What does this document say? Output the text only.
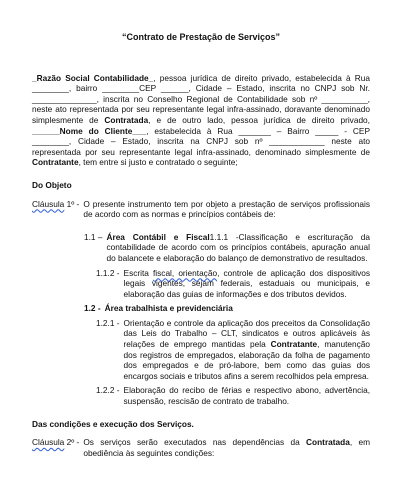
“Contrato de Prestação de Serviços”
_Razão Social Contabilidade_, pessoa jurídica de direito privado, estabelecida à Rua ________, bairro ________CEP ______, Cidade – Estado, inscrita no CNPJ sob Nr. ______________, inscrita no Conselho Regional de Contabilidade sob nº __________, neste ato representada por seu representante legal infra-assinado, doravante denominado simplesmente de Contratada, e de outro lado, pessoa jurídica de direito privado, ______Nome do Cliente___, estabelecida à Rua _______ – Bairro _____ - CEP ________, Cidade – Estado, inscrita na CNPJ sob nº ____________ neste ato representada por seu representante legal infra-assinado, denominado simplesmente de Contratante, tem entre si justo e contratado o seguinte;
Do Objeto
Cláusula 1º - O presente instrumento tem por objeto a prestação de serviços profissionais de acordo com as normas e princípios contábeis de:
1.1 – Área Contábil e Fiscal1.1.1 -Classificação e escrituração da contabilidade de acordo com os princípios contábeis, apuração anual do balancete e elaboração do balanço de demonstrativo de resultados.
1.1.2 - Escrita fiscal, orientação, controle de aplicação dos dispositivos legais vigentes, sejam federais, estaduais ou municipais, e elaboração das guias de informações e dos tributos devidos.
1.2 - Área trabalhista e previdenciária
1.2.1 - Orientação e controle da aplicação dos preceitos da Consolidação das Leis do Trabalho – CLT, sindicatos e outros aplicáveis às relações de emprego mantidas pela Contratante, manutenção dos registros de empregados, elaboração da folha de pagamento dos empregados e de pró-labore, bem como das guias dos encargos sociais e tributos afins a serem recolhidos pela empresa.
1.2.2 - Elaboração do recibo de férias e respectivo abono, advertência, suspensão, rescisão de contrato de trabalho.
Das condições e execução dos Serviços.
Cláusula 2º - Os serviços serão executados nas dependências da Contratada, em obediência às seguintes condições:
